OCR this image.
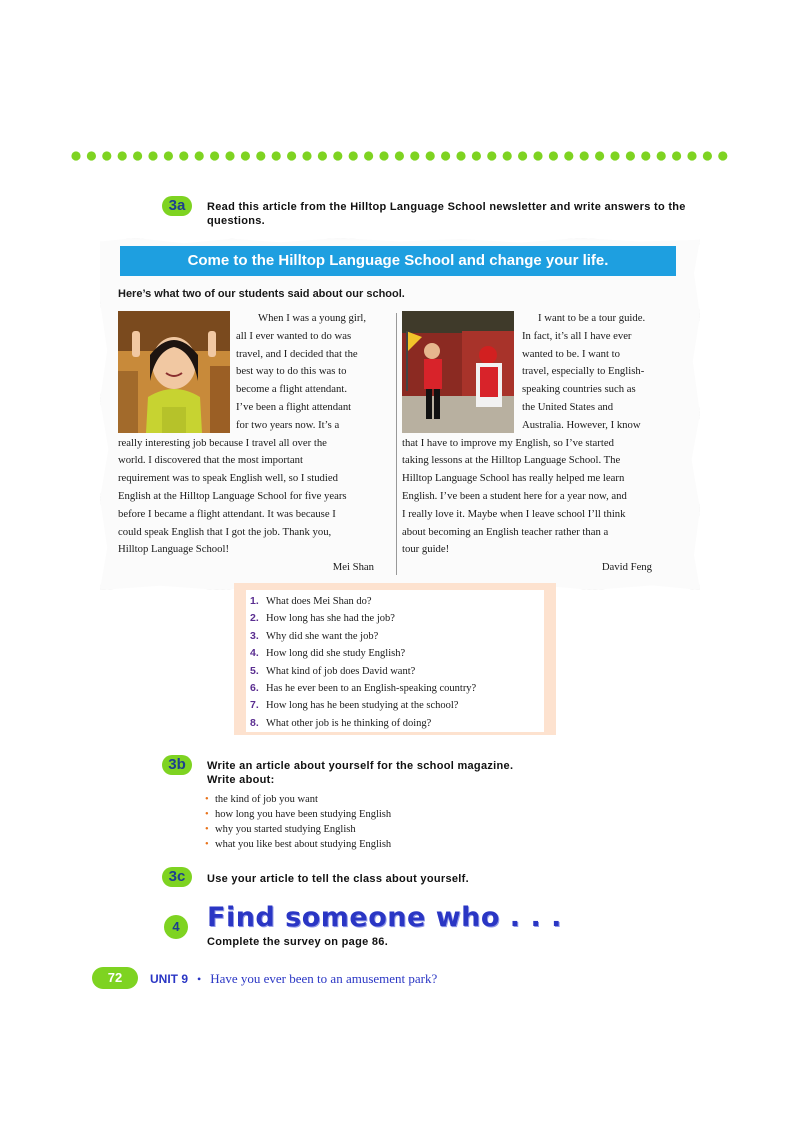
3a	Read this article from the Hilltop Language School newsletter and write answers to the questions.
Come to the Hilltop Language School and change your life.
Here’s what two of our students said about our school.
When I was a young girl,
all I ever wanted to do was
travel, and I decided that the
best way to do this was to
become a flight attendant.
I’ve been a flight attendant
for two years now. It’s a
really interesting job because I travel all over the
world. I discovered that the most important
requirement was to speak English well, so I studied
English at the Hilltop Language School for five years
before I became a flight attendant. It was because I
could speak English that I got the job. Thank you,
Hilltop Language School!
Mei Shan
I want to be a tour guide.
In fact, it’s all I have ever
wanted to be. I want to
travel, especially to English-
speaking countries such as
the United States and
Australia. However, I know
that I have to improve my English, so I’ve started
taking lessons at the Hilltop Language School. The
Hilltop Language School has really helped me learn
English. I’ve been a student here for a year now, and
I really love it. Maybe when I leave school I’ll think
about becoming an English teacher rather than a
tour guide!
David Feng
1. What does Mei Shan do?
2. How long has she had the job?
3. Why did she want the job?
4. How long did she study English?
5. What kind of job does David want?
6. Has he ever been to an English-speaking country?
7. How long has he been studying at the school?
8. What other job is he thinking of doing?
3b	Write an article about yourself for the school magazine.
Write about:
• the kind of job you want
• how long you have been studying English
• why you started studying English
• what you like best about studying English
3c	Use your article to tell the class about yourself.
4	Find someone who . . .
Complete the survey on page 86.
72	UNIT 9 • Have you ever been to an amusement park?
